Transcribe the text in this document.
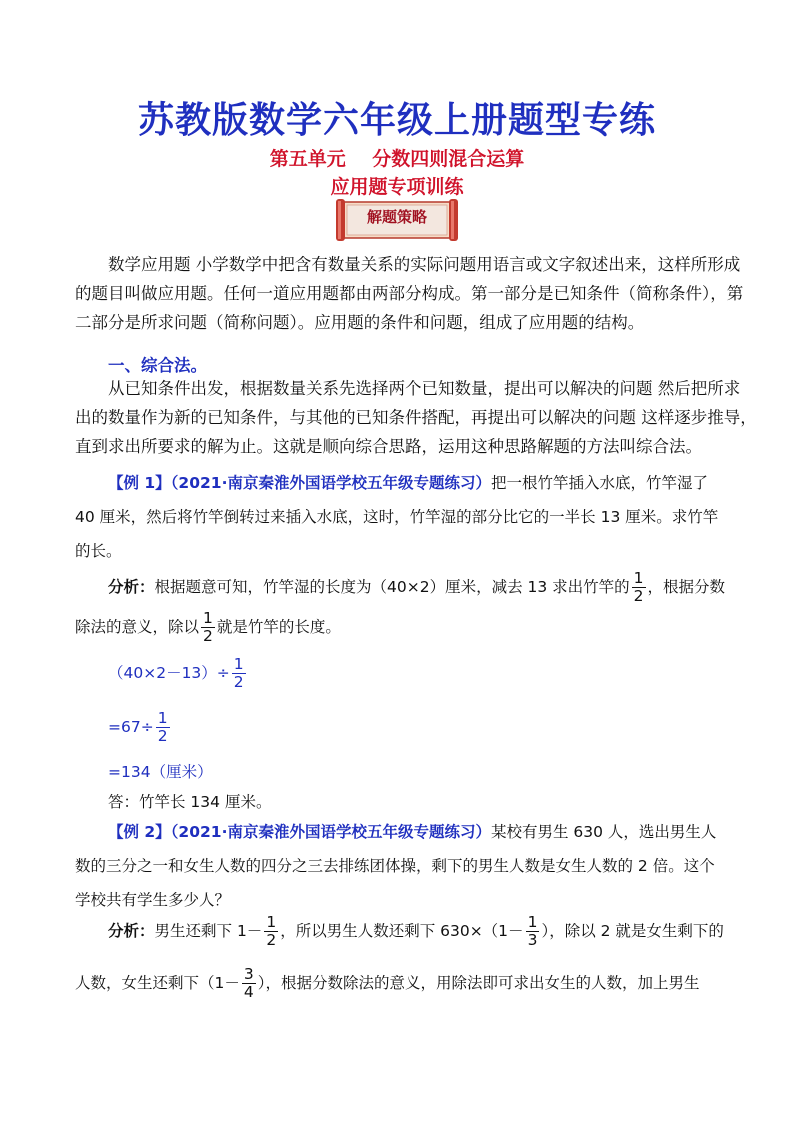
苏教版数学六年级上册题型专练
第五单元    分数四则混合运算
应用题专项训练
解题策略
数学应用题 小学数学中把含有数量关系的实际问题用语言或文字叙述出来，这样所形成
的题目叫做应用题。任何一道应用题都由两部分构成。第一部分是已知条件（简称条件），第
二部分是所求问题（简称问题）。应用题的条件和问题，组成了应用题的结构。
一、综合法。
从已知条件出发，根据数量关系先选择两个已知数量，提出可以解决的问题 然后把所求
出的数量作为新的已知条件，与其他的已知条件搭配，再提出可以解决的问题 这样逐步推导，
直到求出所要求的解为止。这就是顺向综合思路，运用这种思路解题的方法叫综合法。
【例 1】（2021·南京秦淮外国语学校五年级专题练习）把一根竹竿插入水底，竹竿湿了
40 厘米，然后将竹竿倒转过来插入水底，这时，竹竿湿的部分比它的一半长 13 厘米。求竹竿
的长。
分析：根据题意可知，竹竿湿的长度为（40×2）厘米，减去 13 求出竹竿的 $\frac{1}{2}$ ，根据分数
除法的意义，除以 $\frac{1}{2}$ 就是竹竿的长度。
$(40\times 2-13)\div \frac{1}{2}$
$=67\div \frac{1}{2}$
=134（厘米）
答：竹竿长 134 厘米。
【例 2】（2021·南京秦淮外国语学校五年级专题练习）某校有男生 630 人，选出男生人
数的三分之一和女生人数的四分之三去排练团体操，剩下的男生人数是女生人数的 2 倍。这个
学校共有学生多少人？
分析：男生还剩下 $1- \frac{1}{2}$ ，所以男生人数还剩下 $630\times(1- \frac{1}{3}$ ），除以 2 就是女生剩下的
人数，女生还剩下（$1- \frac{3}{4}$ ），根据分数除法的意义，用除法即可求出女生的人数，加上男生
